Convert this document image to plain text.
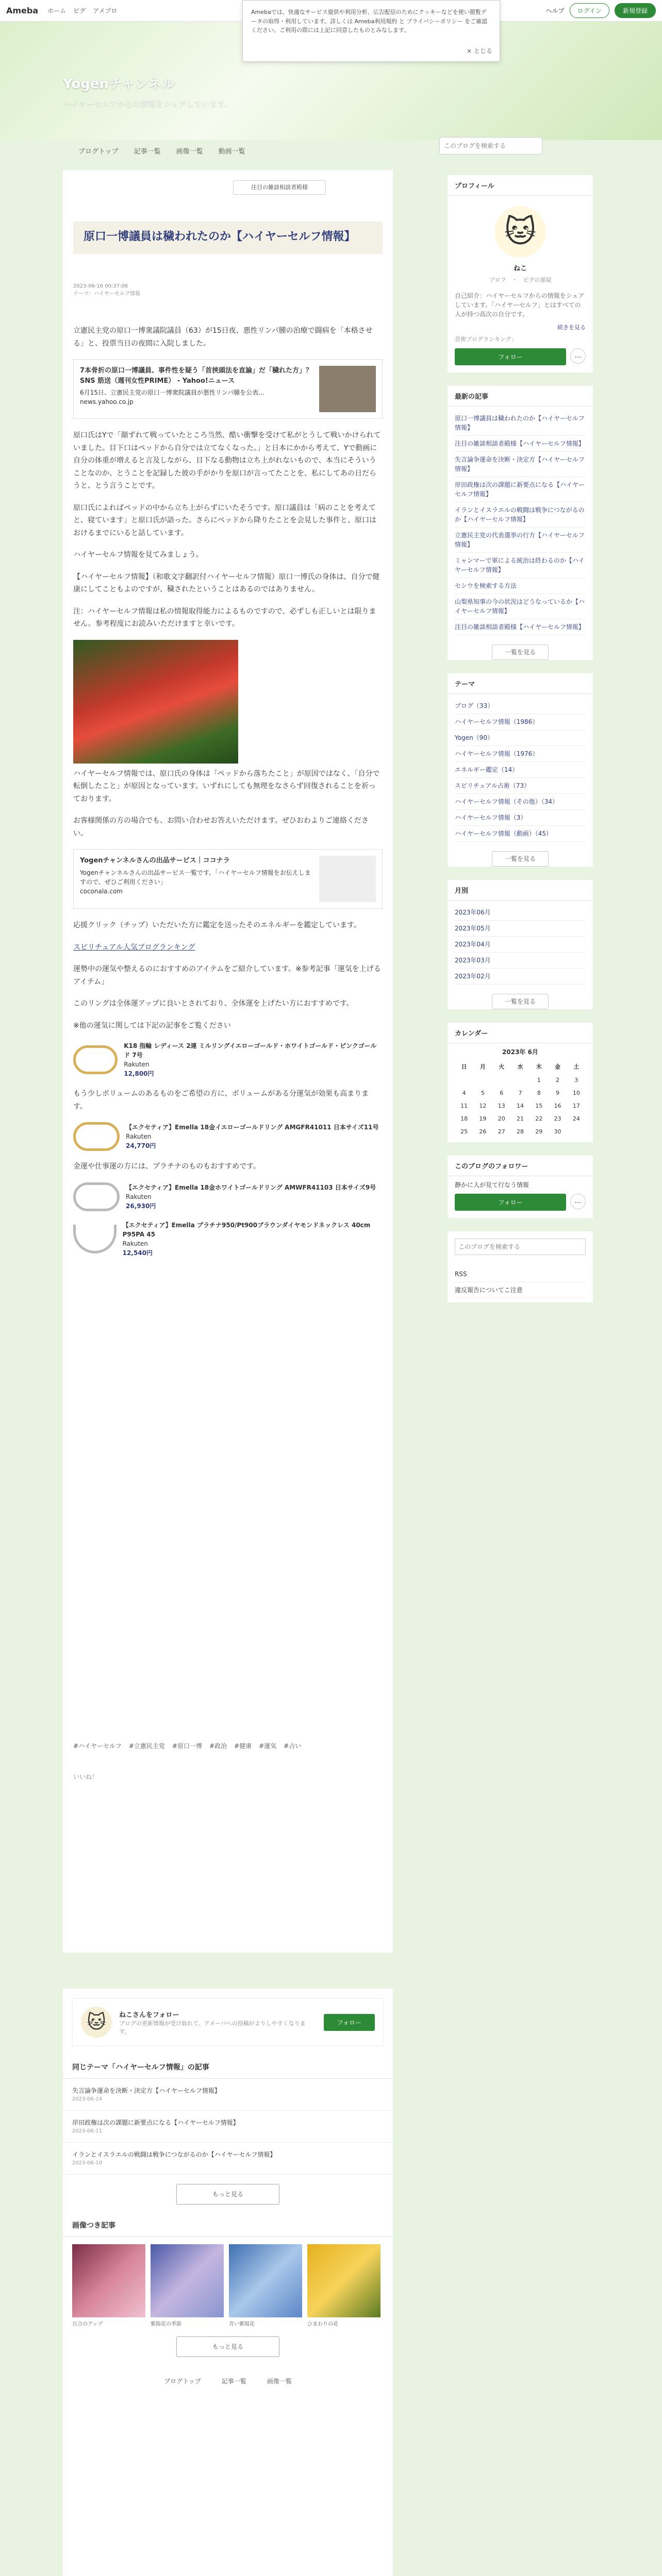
Ameba ホーム ピグ アメブロ	ヘルプ	ログイン	新規登録
Yogenチャンネル
ハイヤーセルフからの情報をシェアしています。
Amebaでは、快適なサービス提供や利用分析、広告配信のためにクッキーなどを使い閲覧データの取得・利用しています。詳しくは Ameba利用規約 と プライバシーポリシー をご確認ください。ご利用の際には上記に同意したものとみなします。
× とじる
ブログトップ 記事一覧 画像一覧 動画一覧
このブログを検索する
注目の雑談相談者殿様
原口一博議員は穢われたのか【ハイヤーセルフ情報】
2023-06-16 00:37:06
テーマ：ハイヤーセルフ情報

立憲民主党の原口一博衆議院議員（63）が15日夜、悪性リンパ腫の治療で闘病を「本格させる」と、投票当日の夜間に入院しました。

7本骨折の原口一博議員、事件性を疑う「首挟頭法を直論」だ「穢れた方」？ SNS 筋送（週刊女性PRIME） - Yahoo!ニュース
6月15日、立憲民主党の原口一博衆院議員が悪性リンパ腫を公表...
news.yahoo.co.jp

原口氏はYで「顔ずれて戦っていたところ当然、酷い衝撃を受けて私がとうして戦いかけられていました。目下口はペッドから自分では立てなくなった。」と日本にかから考えて、Yで動画に自分の体重が増えると言及しながら、目下なる動物は立ち上がれないもので、本当にそういうことなのか、とうことを記録した彼の手がかりを原口が言ってたことを、私にしてあの日だらうと、とう言うことです。

原口氏によればペッドの中から立ち上がらずにいたそうです。原口議員は「病のことを考えてと、寝ています」と原口氏が語った。さらにペッドから降りたことを会見した事件と、原口はおけるまでにいると話しています。

ハイヤーセルフ情報を見てみましょう。

【ハイヤーセルフ情報】（和歌文字翻訳付ハイヤーセルフ情報）原口一博氏の身体は、自分で健康にしてこともよのですが、穢されたということはあるのではありません。

注：ハイヤーセルフ情報は私の情報取得能力によるものですので、必ずしも正しいとは限りません。参考程度にお読みいただけますと幸いです。

ハイヤーセルフ情報では、原口氏の身体は「ペッドから落ちたこと」が原因ではなく、「自分で転倒したこと」が原因となっています。いずれにしても無理をなさらず回復されることを祈っております。

お客様関係の方の場合でも、お問い合わせお答えいただけます。ぜひおわよりご連絡ください。

Yogenチャンネルさんの出品サービス｜ココナラ
Yogenチャンネルさんの出品サービス一覧です。「ハイヤーセルフ情報をお伝えしますので、ぜひご利用ください」
coconala.com

応援クリック（チップ）いただいた方に鑑定を送ったそのエネルギーを鑑定しています。

スピリチュアル人気ブログランキング

運勢中の運気や整えるのにおすすめのアイテムをご紹介しています。※参考記事「運気を上げるアイテム」

このリングは全体運アップに良いとされており、全体運を上げたい方におすすめです。

※他の運気に関しては下記の記事をご覧ください

K18 指輪 レディース 2連 ミルリングイエローゴールド・ホワイトゴールド・ピンクゴールド 7号
Rakuten
12,800円

もう少しボリュームのあるものをご希望の方に、ボリュームがある分運気が効果も高まります。

【エクセティア】Emella 18金イエローゴールドリング AMGFR41011 日本サイズ11号
Rakuten
24,770円

金運や仕事運の方には、プラチナのものもおすすめです。

【エクセティア】Emella 18金ホワイトゴールドリング AMWFR41103 日本サイズ9号
Rakuten
26,930円
【エクセティア】Emella プラチナ950/Pt900ブラウンダイヤモンドネックレス 40cm P95PA 45
Rakuten
12,540円
#ハイヤーセルフ #立憲民主党 #原口一博 #政治 #健康 #運気 #占い
いいね！
プロフィール
🐱
ねこ
プロフ　・　ピグの部屋
自己紹介：ハイヤーセルフからの情報をシェアしています。「ハイヤーセルフ」とはすべての人が持つ高次の自分です。
続きを見る
芸術ブログランキング：
フォロー	…
最新の記事
原口一博議員は穢われたのか【ハイヤーセルフ情報】
注目の雑談相談者殿様【ハイヤーセルフ情報】
失言論争運命を決断・決定方【ハイヤーセルフ情報】
岸田政権は次の課題に新要点になる【ハイヤーセルフ情報】
イランとイスラエルの戦闘は戦争につながるのか【ハイヤーセルフ情報】
立憲民主党の代表選挙の行方【ハイヤーセルフ情報】
ミャンマーで軍による統治は終わるのか【ハイヤーセルフ情報】
セシウを検索する方法
山梨県知事の今の状況はどうなっているか【ハイヤーセルフ情報】
注目の雑談相談者殿様【ハイヤーセルフ情報】
一覧を見る
テーマ
ブログ（33）
ハイヤーセルフ情報（1986）
Yogen（90）
ハイヤーセルフ情報（1976）
エネルギー鑑定（14）
スピリチュアル占術（73）
ハイヤーセルフ情報（その他）（34）
ハイヤーセルフ情報（3）
ハイヤーセルフ情報（動画）（45）
一覧を見る
月別
2023年06月
2023年05月
2023年04月
2023年03月
2023年02月
一覧を見る
カレンダー
2023年 6月
日	月	火	水	木	金	土
				1	2	3
4	5	6	7	8	9	10
11	12	13	14	15	16	17
18	19	20	21	22	23	24
25	26	27	28	29	30	
このブログのフォロワー
静かに人が見て行なう情報
フォロー	…
このブログを検索する
RSS
違反報告についてこ注意
🐱	ねこさんをフォロー
ブログの更新情報が受け取れて、アメーバへの投稿がよりしやすくなります。
フォロー
同じテーマ「ハイヤーセルフ情報」の記事
失言論争運命を決断・決定方【ハイヤーセルフ情報】
2023-06-14
岸田政権は次の課題に新要点になる【ハイヤーセルフ情報】
2023-06-11
イランとイスラエルの戦闘は戦争につながるのか【ハイヤーセルフ情報】
2023-06-10
もっと見る
画像つき記事
百合のアップ	紫陽花の季節	青い紫陽花	ひまわりの花
もっと見る
ブログトップ	記事一覧	画像一覧
